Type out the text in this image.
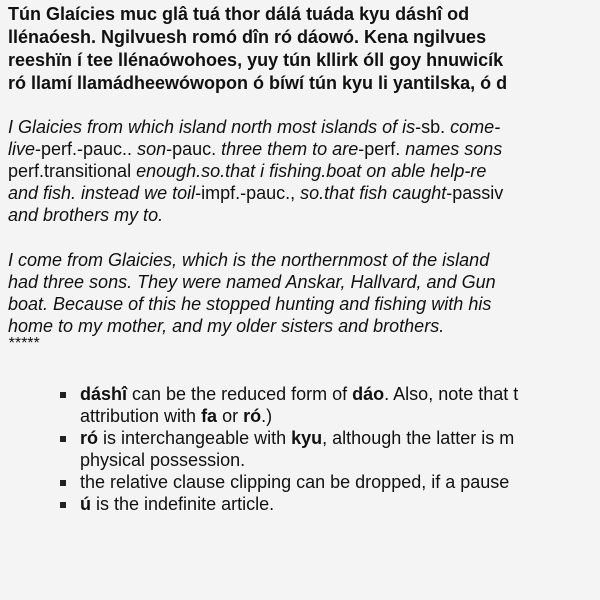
Tún Glaícies muc glâ tuá thor dálá tuáda kyu dáshî od
llénaóesh. Ngilvuesh romó dîn ró dáowó. Kena ngilvues
reeshïn í tee llénaówohoes, yuy tún kllirk óll goy hnuwicík
ró llamí llamádheewówopon ó bíwí tún kyu li yantilska, ó d
I Glaicies from which island north most islands of is-sb. come-
live-perf.-pauc.. son-pauc. three them to are-perf. names sons
perf.transitional enough.so.that i fishing.boat on able help-re
and fish. instead we toil-impf.-pauc., so.that fish caught-passiv
and brothers my to.
I come from Glaicies, which is the northernmost of the island
had three sons. They were named Anskar, Hallvard, and Gun
boat. Because of this he stopped hunting and fishing with his
home to my mother, and my older sisters and brothers.
*****
dáshî can be the reduced form of dáo. Also, note that t
attribution with fa or ró.)
ró is interchangeable with kyu, although the latter is m
physical possession.
the relative clause clipping can be dropped, if a pause
ú is the indefinite article.
